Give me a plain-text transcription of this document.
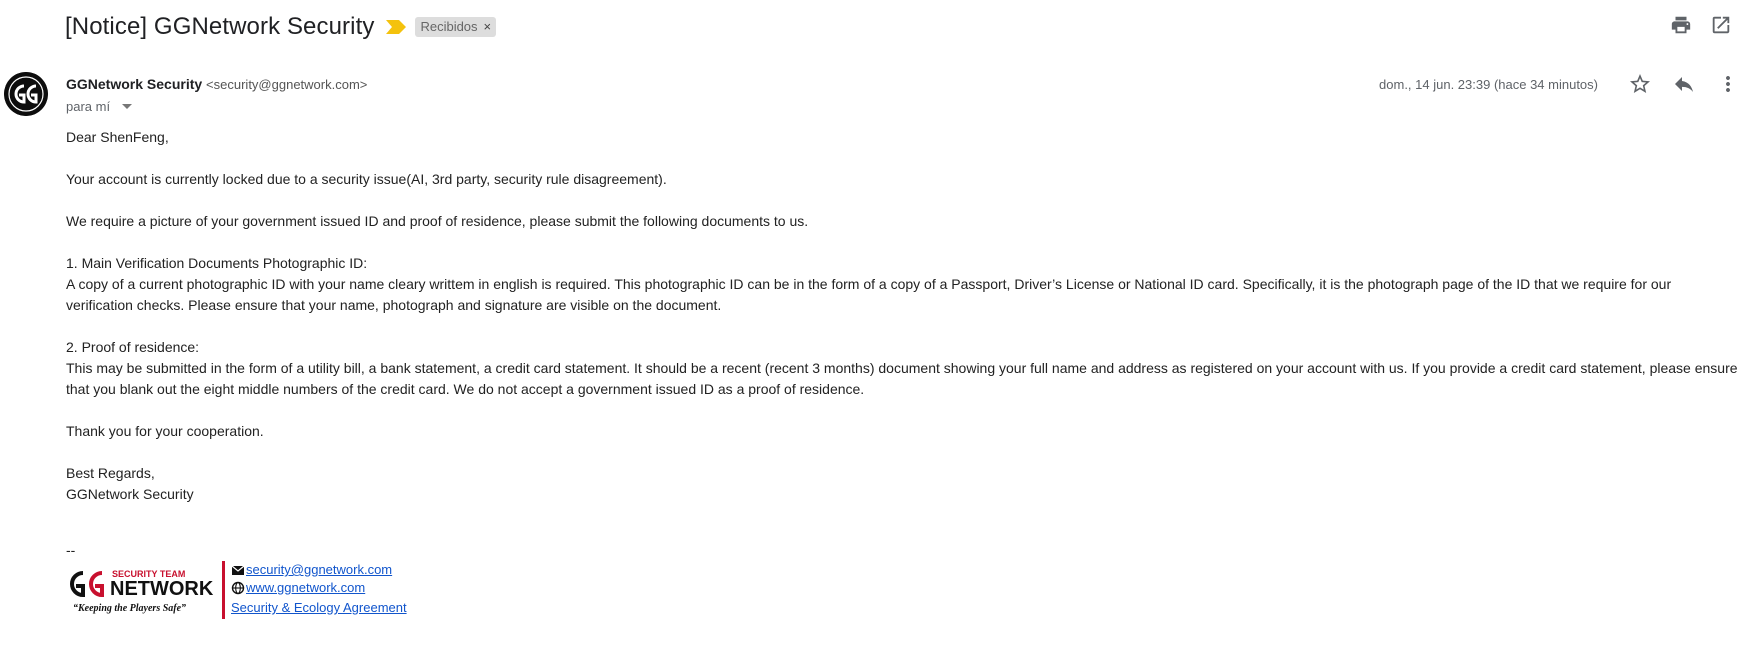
[Notice] GGNetwork Security	Recibidos ×
GGNetwork Security <security@ggnetwork.com>
para mí
dom., 14 jun. 23:39 (hace 34 minutos)

Dear ShenFeng,

Your account is currently locked due to a security issue(AI, 3rd party, security rule disagreement).

We require a picture of your government issued ID and proof of residence, please submit the following documents to us.

1. Main Verification Documents Photographic ID:

A copy of a current photographic ID with your name cleary writtem in english is required. This photographic ID can be in the form of a copy of a Passport, Driver’s License or National ID card. Specifically, it is the photograph page of the ID that we require for our verification checks. Please ensure that your name, photograph and signature are visible on the document.

2. Proof of residence:

This may be submitted in the form of a utility bill, a bank statement, a credit card statement. It should be a recent (recent 3 months) document showing your full name and address as registered on your account with us. If you provide a credit card statement, please ensure that you blank out the eight middle numbers of the credit card. We do not accept a government issued ID as a proof of residence.

Thank you for your cooperation.

Best Regards,
GGNetwork Security
--
SECURITY TEAM
NETWORK
“Keeping the Players Safe”
security@ggnetwork.com
www.ggnetwork.com
Security & Ecology Agreement
